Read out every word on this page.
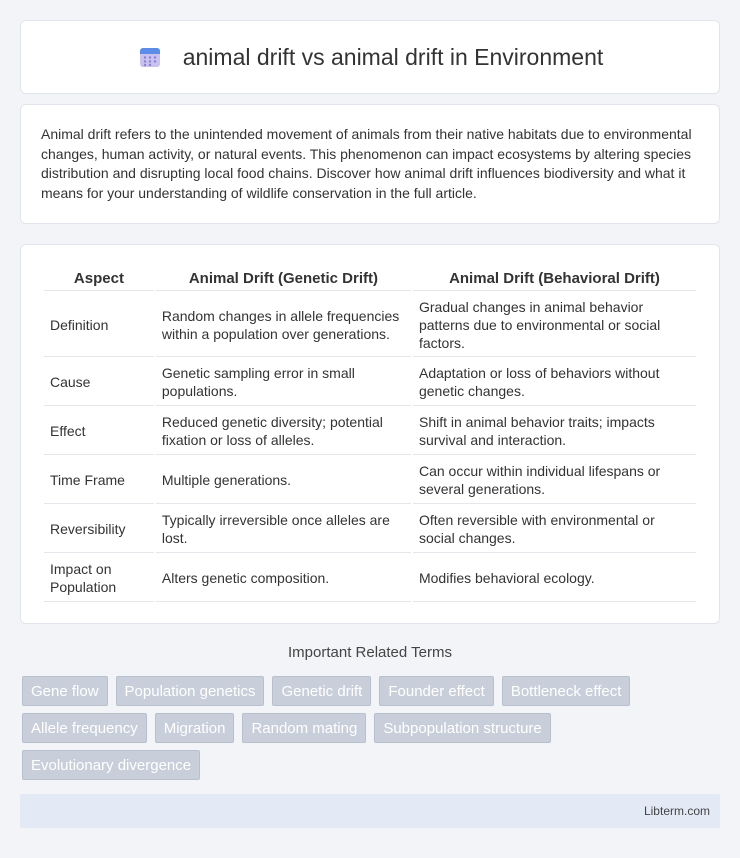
animal drift vs animal drift in Environment

Animal drift refers to the unintended movement of animals from their native habitats due to environmental changes, human activity, or natural events. This phenomenon can impact ecosystems by altering species distribution and disrupting local food chains. Discover how animal drift influences biodiversity and what it means for your understanding of wildlife conservation in the full article.

Aspect	Animal Drift (Genetic Drift)	Animal Drift (Behavioral Drift)
Definition	Random changes in allele frequencies within a population over generations.	Gradual changes in animal behavior patterns due to environmental or social factors.
Cause	Genetic sampling error in small populations.	Adaptation or loss of behaviors without genetic changes.
Effect	Reduced genetic diversity; potential fixation or loss of alleles.	Shift in animal behavior traits; impacts survival and interaction.
Time Frame	Multiple generations.	Can occur within individual lifespans or several generations.
Reversibility	Typically irreversible once alleles are lost.	Often reversible with environmental or social changes.
Impact on Population	Alters genetic composition.	Modifies behavioral ecology.
Important Related Terms
Gene flow	Population genetics	Genetic drift	Founder effect	Bottleneck effect
Allele frequency	Migration	Random mating	Subpopulation structure
Evolutionary divergence
Libterm.com
